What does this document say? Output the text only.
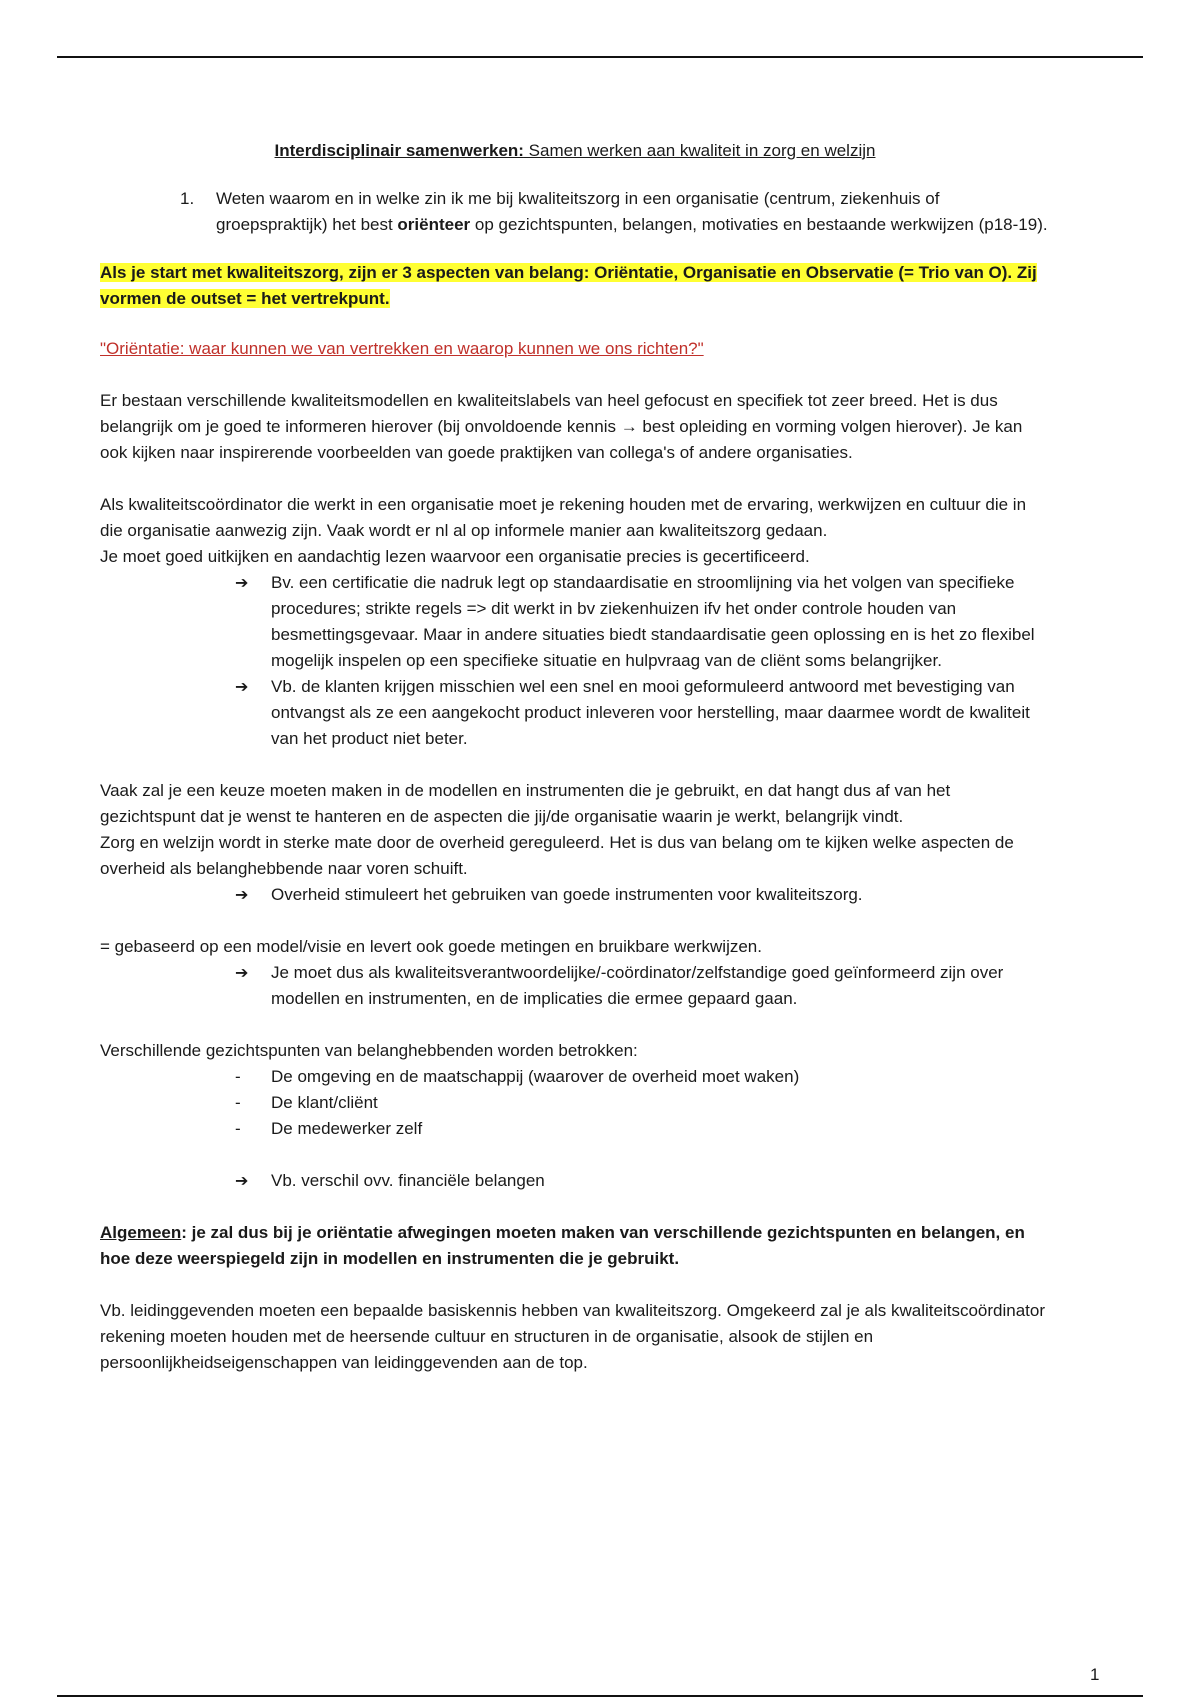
Interdisciplinair samenwerken: Samen werken aan kwaliteit in zorg en welzijn

1.	Weten waarom en in welke zin ik me bij kwaliteitszorg in een organisatie (centrum, ziekenhuis of groepspraktijk) het best oriënteer op gezichtspunten, belangen, motivaties en bestaande werkwijzen (p18-19).

Als je start met kwaliteitszorg, zijn er 3 aspecten van belang: Oriëntatie, Organisatie en Observatie (= Trio van O). Zij vormen de outset = het vertrekpunt.

"Oriëntatie: waar kunnen we van vertrekken en waarop kunnen we ons richten?"

Er bestaan verschillende kwaliteitsmodellen en kwaliteitslabels van heel gefocust en specifiek tot zeer breed. Het is dus belangrijk om je goed te informeren hierover (bij onvoldoende kennis → best opleiding en vorming volgen hierover). Je kan ook kijken naar inspirerende voorbeelden van goede praktijken van collega's of andere organisaties.

Als kwaliteitscoördinator die werkt in een organisatie moet je rekening houden met de ervaring, werkwijzen en cultuur die in die organisatie aanwezig zijn. Vaak wordt er nl al op informele manier aan kwaliteitszorg gedaan.

Je moet goed uitkijken en aandachtig lezen waarvoor een organisatie precies is gecertificeerd.

➔	Bv. een certificatie die nadruk legt op standaardisatie en stroomlijning via het volgen van specifieke procedures; strikte regels => dit werkt in bv ziekenhuizen ifv het onder controle houden van besmettingsgevaar. Maar in andere situaties biedt standaardisatie geen oplossing en is het zo flexibel mogelijk inspelen op een specifieke situatie en hulpvraag van de cliënt soms belangrijker.
➔	Vb. de klanten krijgen misschien wel een snel en mooi geformuleerd antwoord met bevestiging van ontvangst als ze een aangekocht product inleveren voor herstelling, maar daarmee wordt de kwaliteit van het product niet beter.

Vaak zal je een keuze moeten maken in de modellen en instrumenten die je gebruikt, en dat hangt dus af van het gezichtspunt dat je wenst te hanteren en de aspecten die jij/de organisatie waarin je werkt, belangrijk vindt.

Zorg en welzijn wordt in sterke mate door de overheid gereguleerd. Het is dus van belang om te kijken welke aspecten de overheid als belanghebbende naar voren schuift.

➔	Overheid stimuleert het gebruiken van goede instrumenten voor kwaliteitszorg.

= gebaseerd op een model/visie en levert ook goede metingen en bruikbare werkwijzen.

➔	Je moet dus als kwaliteitsverantwoordelijke/-coördinator/zelfstandige goed geïnformeerd zijn over modellen en instrumenten, en de implicaties die ermee gepaard gaan.

Verschillende gezichtspunten van belanghebbenden worden betrokken:

-	De omgeving en de maatschappij (waarover de overheid moet waken)
-	De klant/cliënt
-	De medewerker zelf
➔	Vb. verschil ovv. financiële belangen

Algemeen: je zal dus bij je oriëntatie afwegingen moeten maken van verschillende gezichtspunten en belangen, en hoe deze weerspiegeld zijn in modellen en instrumenten die je gebruikt.

Vb. leidinggevenden moeten een bepaalde basiskennis hebben van kwaliteitszorg. Omgekeerd zal je als kwaliteitscoördinator rekening moeten houden met de heersende cultuur en structuren in de organisatie, alsook de stijlen en persoonlijkheidseigenschappen van leidinggevenden aan de top.

1
